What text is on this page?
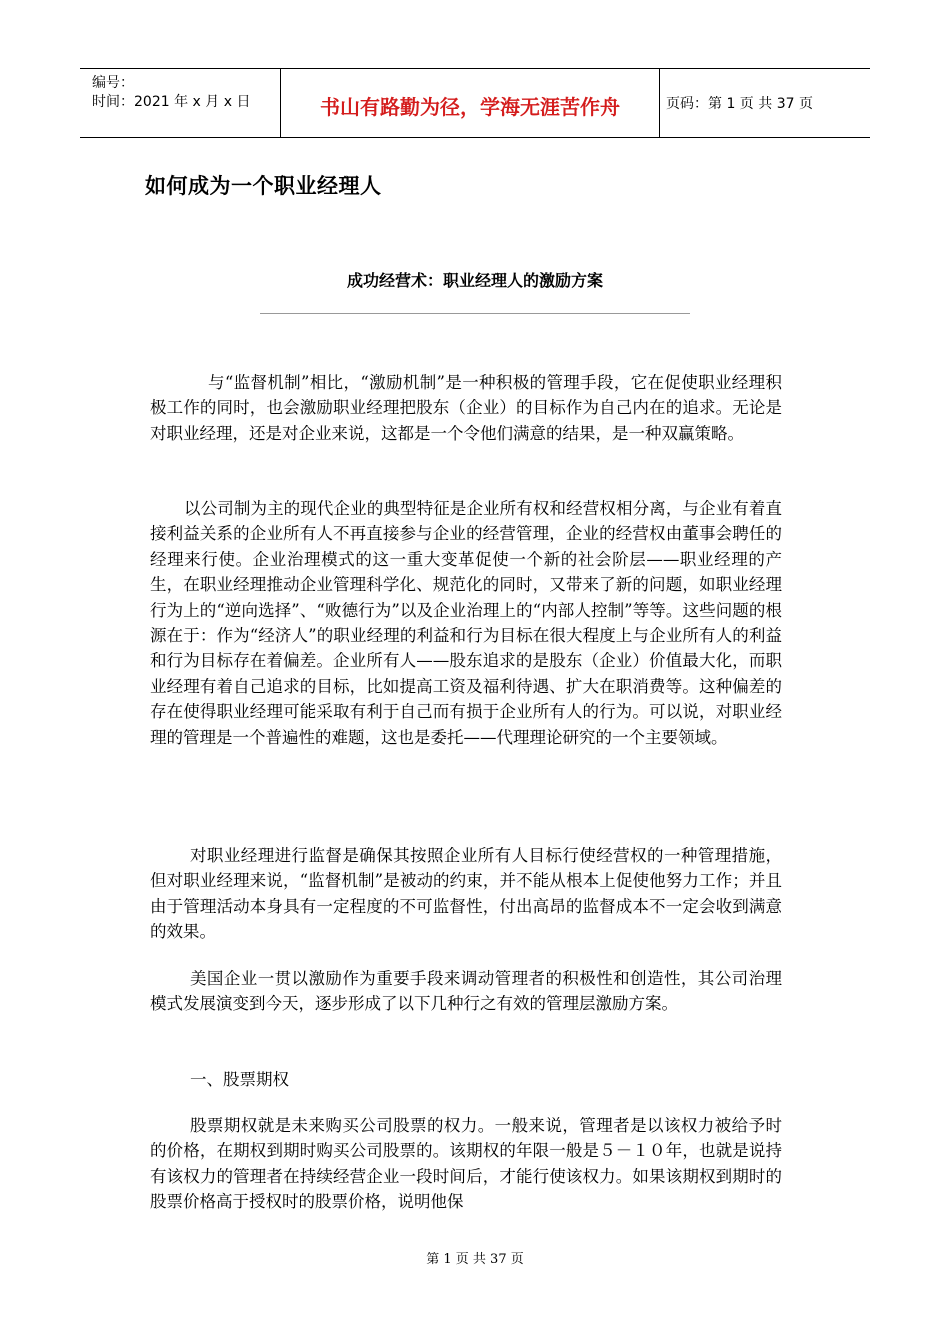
编号：
时间：2021 年 x 月 x 日	书山有路勤为径，学海无涯苦作舟	页码：第 1 页 共 37 页
如何成为一个职业经理人
成功经营术：职业经理人的激励方案

与“监督机制”相比，“激励机制”是一种积极的管理手段，它在促使职业经理积极工作的同时，也会激励职业经理把股东（企业）的目标作为自己内在的追求。无论是对职业经理，还是对企业来说，这都是一个令他们满意的结果，是一种双赢策略。

以公司制为主的现代企业的典型特征是企业所有权和经营权相分离，与企业有着直接利益关系的企业所有人不再直接参与企业的经营管理，企业的经营权由董事会聘任的经理来行使。企业治理模式的这一重大变革促使一个新的社会阶层——职业经理的产生，在职业经理推动企业管理科学化、规范化的同时，又带来了新的问题，如职业经理行为上的“逆向选择”、“败德行为”以及企业治理上的“内部人控制”等等。这些问题的根源在于：作为“经济人”的职业经理的利益和行为目标在很大程度上与企业所有人的利益和行为目标存在着偏差。企业所有人——股东追求的是股东（企业）价值最大化，而职业经理有着自己追求的目标，比如提高工资及福利待遇、扩大在职消费等。这种偏差的存在使得职业经理可能采取有利于自己而有损于企业所有人的行为。可以说，对职业经理的管理是一个普遍性的难题，这也是委托——代理理论研究的一个主要领域。

对职业经理进行监督是确保其按照企业所有人目标行使经营权的一种管理措施，但对职业经理来说，“监督机制”是被动的约束，并不能从根本上促使他努力工作；并且由于管理活动本身具有一定程度的不可监督性，付出高昂的监督成本不一定会收到满意的效果。

美国企业一贯以激励作为重要手段来调动管理者的积极性和创造性，其公司治理模式发展演变到今天，逐步形成了以下几种行之有效的管理层激励方案。

一、股票期权

股票期权就是未来购买公司股票的权力。一般来说，管理者是以该权力被给予时的价格，在期权到期时购买公司股票的。该期权的年限一般是５－１０年，也就是说持有该权力的管理者在持续经营企业一段时间后，才能行使该权力。如果该期权到期时的股票价格高于授权时的股票价格，说明他保

第 1 页 共 37 页
